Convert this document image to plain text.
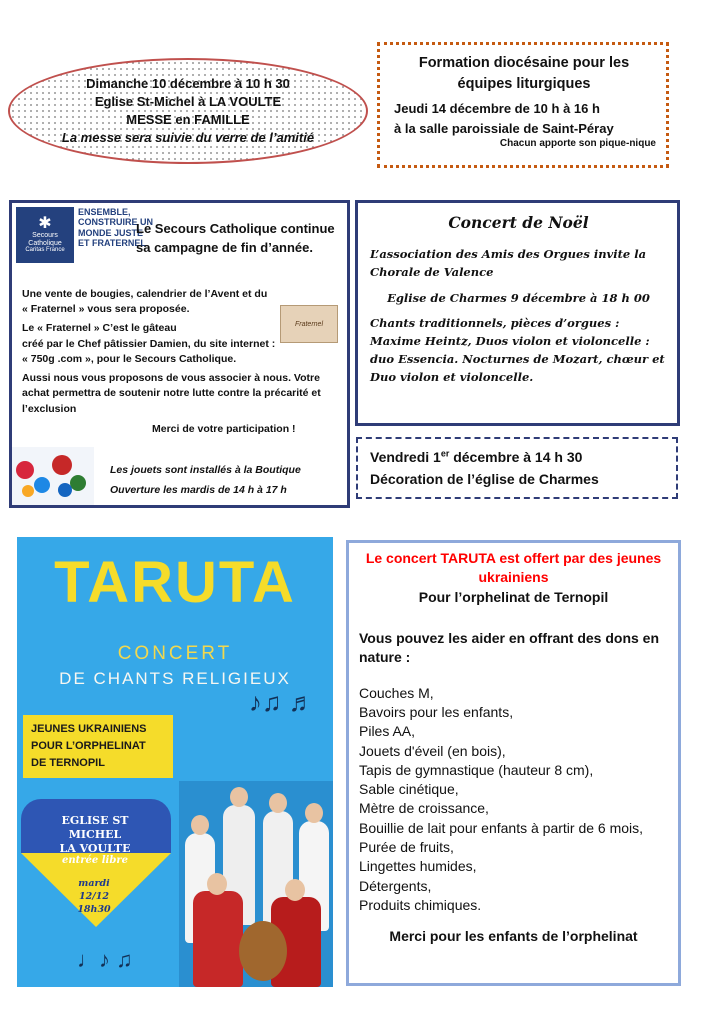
Dimanche 10 décembre à 10 h 30
Eglise St-Michel à LA VOULTE
MESSE en FAMILLE
La messe sera suivie du verre de l’amitié
Formation diocésaine pour les équipes liturgiques
Jeudi 14 décembre de 10 h à 16 h
à la salle paroissiale de Saint-Péray
Chacun apporte son pique-nique
✱
Secours Catholique
Caritas France
ENSEMBLE, CONSTRUIRE UN MONDE JUSTE ET FRATERNEL
Le Secours Catholique continue sa campagne de fin d’année.
Fraternel

Une vente de bougies, calendrier de l’Avent et du « Fraternel » vous sera proposée.

Le « Fraternel » C’est le gâteau
créé par le Chef pâtissier Damien, du site internet :
« 750g .com », pour le Secours Catholique.

Aussi nous vous proposons de vous associer à nous. Votre achat permettra de soutenir notre lutte contre la précarité et l’exclusion

Merci de votre participation !
Les jouets sont installés à la Boutique
Ouverture les mardis de 14 h à 17 h
Concert de Noël
L’association des Amis des Orgues invite la Chorale de Valence
Eglise de Charmes 9 décembre à 18 h 00
Chants traditionnels, pièces d’orgues : Maxime Heintz, Duos violon et violoncelle : duo Essencia. Nocturnes de Mozart, chœur et Duo violon et violoncelle.
Vendredi 1er décembre à 14 h 30
Décoration de l’église de Charmes
TARUTA
CONCERT
DE CHANTS RELIGIEUX
♪♫ ♬
JEUNES UKRAINIENS
POUR L’ORPHELINAT
DE TERNOPIL
EGLISE ST MICHEL
LA VOULTE
entrée libre
mardi 12/12
18h30
♩♪ ♫
Le concert TARUTA est offert par des jeunes ukrainiens
Pour l’orphelinat de Ternopil
Vous pouvez les aider en offrant des dons en nature :
Couches M,
Bavoirs pour les enfants,
Piles AA,
Jouets d'éveil (en bois),
Tapis de gymnastique (hauteur 8 cm),
Sable cinétique,
Mètre de croissance,
Bouillie de lait pour enfants à partir de 6 mois,
Purée de fruits,
Lingettes humides,
Détergents,
Produits chimiques.
Merci pour les enfants de l’orphelinat
